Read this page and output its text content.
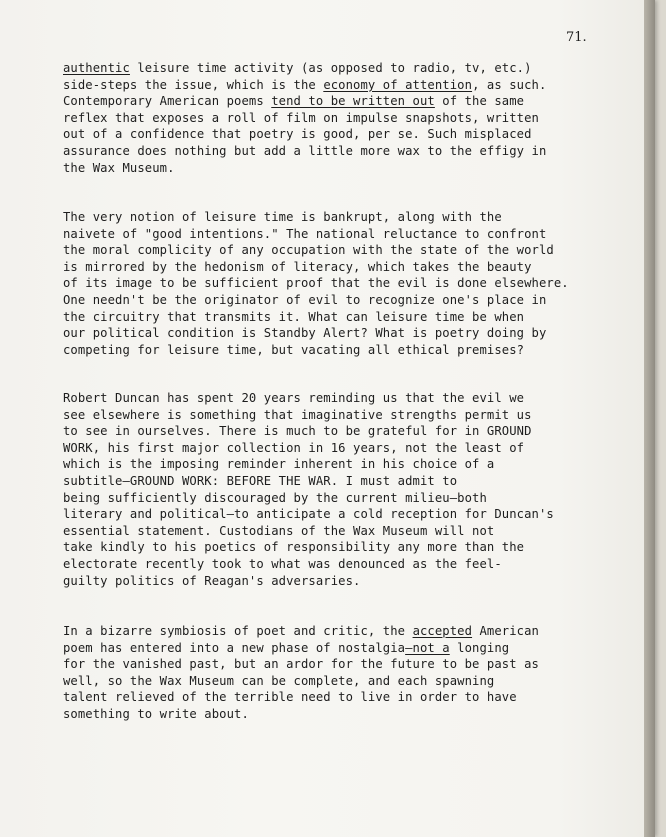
71.
authentic leisure time activity (as opposed to radio, tv, etc.)
side-steps the issue, which is the economy of attention, as such.
Contemporary American poems tend to be written out of the same
reflex that exposes a roll of film on impulse snapshots, written
out of a confidence that poetry is good, per se. Such misplaced
assurance does nothing but add a little more wax to the effigy in
the Wax Museum.
The very notion of leisure time is bankrupt, along with the
naivete of "good intentions." The national reluctance to confront
the moral complicity of any occupation with the state of the world
is mirrored by the hedonism of literacy, which takes the beauty
of its image to be sufficient proof that the evil is done elsewhere.
One needn't be the originator of evil to recognize one's place in
the circuitry that transmits it. What can leisure time be when
our political condition is Standby Alert? What is poetry doing by
competing for leisure time, but vacating all ethical premises?
Robert Duncan has spent 20 years reminding us that the evil we
see elsewhere is something that imaginative strengths permit us
to see in ourselves. There is much to be grateful for in GROUND
WORK, his first major collection in 16 years, not the least of
which is the imposing reminder inherent in his choice of a
subtitle—GROUND WORK: BEFORE THE WAR. I must admit to
being sufficiently discouraged by the current milieu—both
literary and political—to anticipate a cold reception for Duncan's
essential statement. Custodians of the Wax Museum will not
take kindly to his poetics of responsibility any more than the
electorate recently took to what was denounced as the feel-
guilty politics of Reagan's adversaries.
In a bizarre symbiosis of poet and critic, the accepted American
poem has entered into a new phase of nostalgia—not a longing
for the vanished past, but an ardor for the future to be past as
well, so the Wax Museum can be complete, and each spawning
talent relieved of the terrible need to live in order to have
something to write about.
